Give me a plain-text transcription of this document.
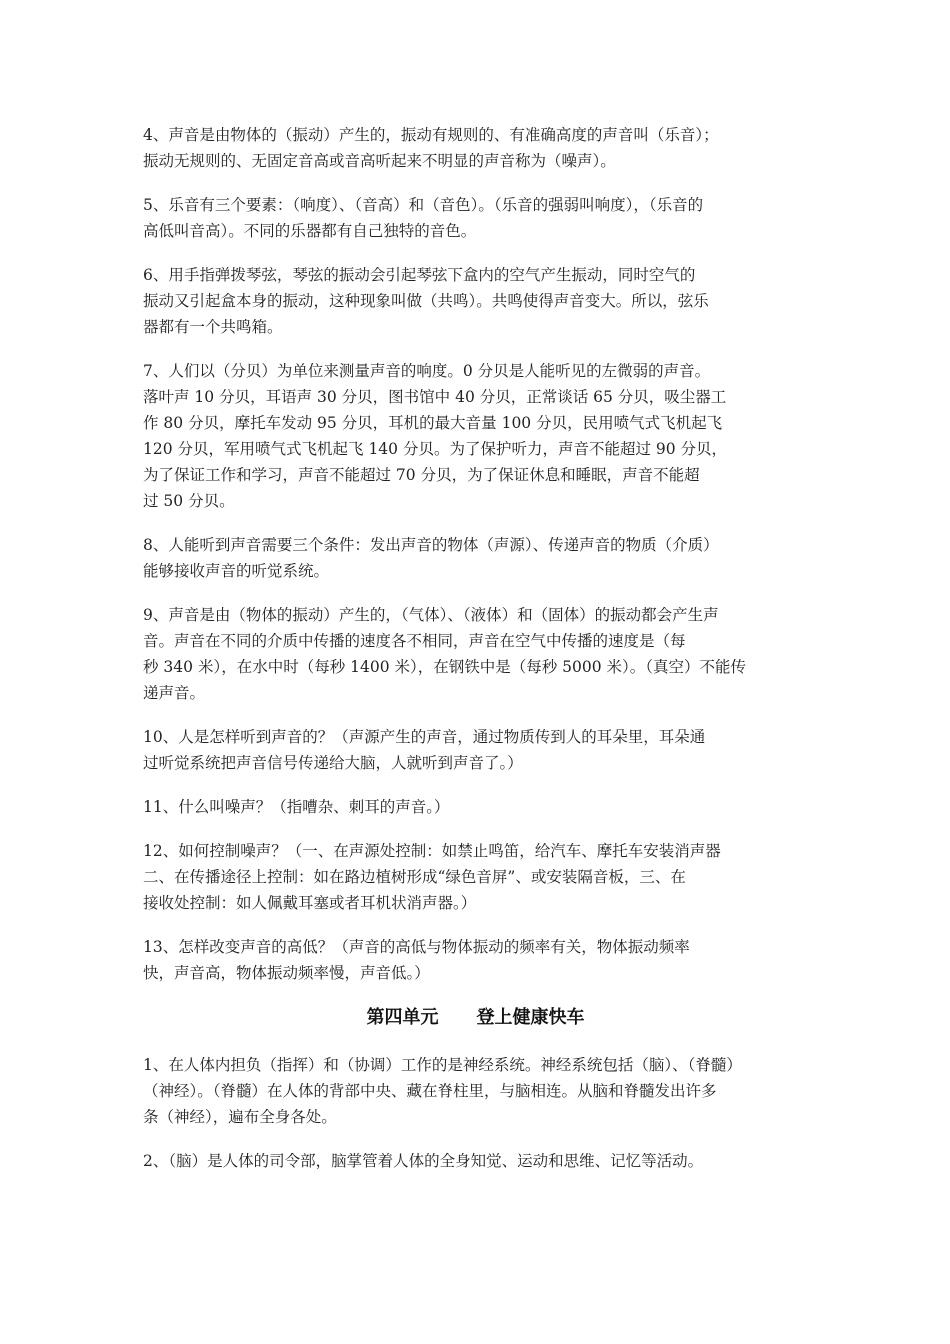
4、声音是由物体的（振动）产生的，振动有规则的、有准确高度的声音叫（乐音）；
振动无规则的、无固定音高或音高听起来不明显的声音称为（噪声）。

5、乐音有三个要素：（响度）、（音高）和（音色）。（乐音的强弱叫响度），（乐音的
高低叫音高）。不同的乐器都有自己独特的音色。

6、用手指弹拨琴弦，琴弦的振动会引起琴弦下盒内的空气产生振动，同时空气的
振动又引起盒本身的振动，这种现象叫做（共鸣）。共鸣使得声音变大。所以，弦乐
器都有一个共鸣箱。

7、人们以（分贝）为单位来测量声音的响度。0 分贝是人能听见的左微弱的声音。
落叶声 10 分贝，耳语声 30 分贝，图书馆中 40 分贝，正常谈话 65 分贝，吸尘器工
作 80 分贝，摩托车发动 95 分贝，耳机的最大音量 100 分贝，民用喷气式飞机起飞
120 分贝，军用喷气式飞机起飞 140 分贝。为了保护听力，声音不能超过 90 分贝，
为了保证工作和学习，声音不能超过 70 分贝，为了保证休息和睡眠，声音不能超
过 50 分贝。

8、人能听到声音需要三个条件：发出声音的物体（声源）、传递声音的物质（介质）
能够接收声音的听觉系统。

9、声音是由（物体的振动）产生的，（气体）、（液体）和（固体）的振动都会产生声
音。声音在不同的介质中传播的速度各不相同，声音在空气中传播的速度是（每
秒 340 米），在水中时（每秒 1400 米），在钢铁中是（每秒 5000 米）。（真空）不能传
递声音。

10、人是怎样听到声音的？（声源产生的声音，通过物质传到人的耳朵里，耳朵通
过听觉系统把声音信号传递给大脑，人就听到声音了。）

11、什么叫噪声？（指嘈杂、刺耳的声音。）

12、如何控制噪声？（一、在声源处控制：如禁止鸣笛，给汽车、摩托车安装消声器
二、在传播途径上控制：如在路边植树形成“绿色音屏”、或安装隔音板，三、在
接收处控制：如人佩戴耳塞或者耳机状消声器。）

13、怎样改变声音的高低？（声音的高低与物体振动的频率有关，物体振动频率
快，声音高，物体振动频率慢，声音低。）

第四单元 登上健康快车

1、在人体内担负（指挥）和（协调）工作的是神经系统。神经系统包括（脑）、（脊髓）
（神经）。（脊髓）在人体的背部中央、藏在脊柱里，与脑相连。从脑和脊髓发出许多
条（神经），遍布全身各处。

2、（脑）是人体的司令部，脑掌管着人体的全身知觉、运动和思维、记忆等活动。
